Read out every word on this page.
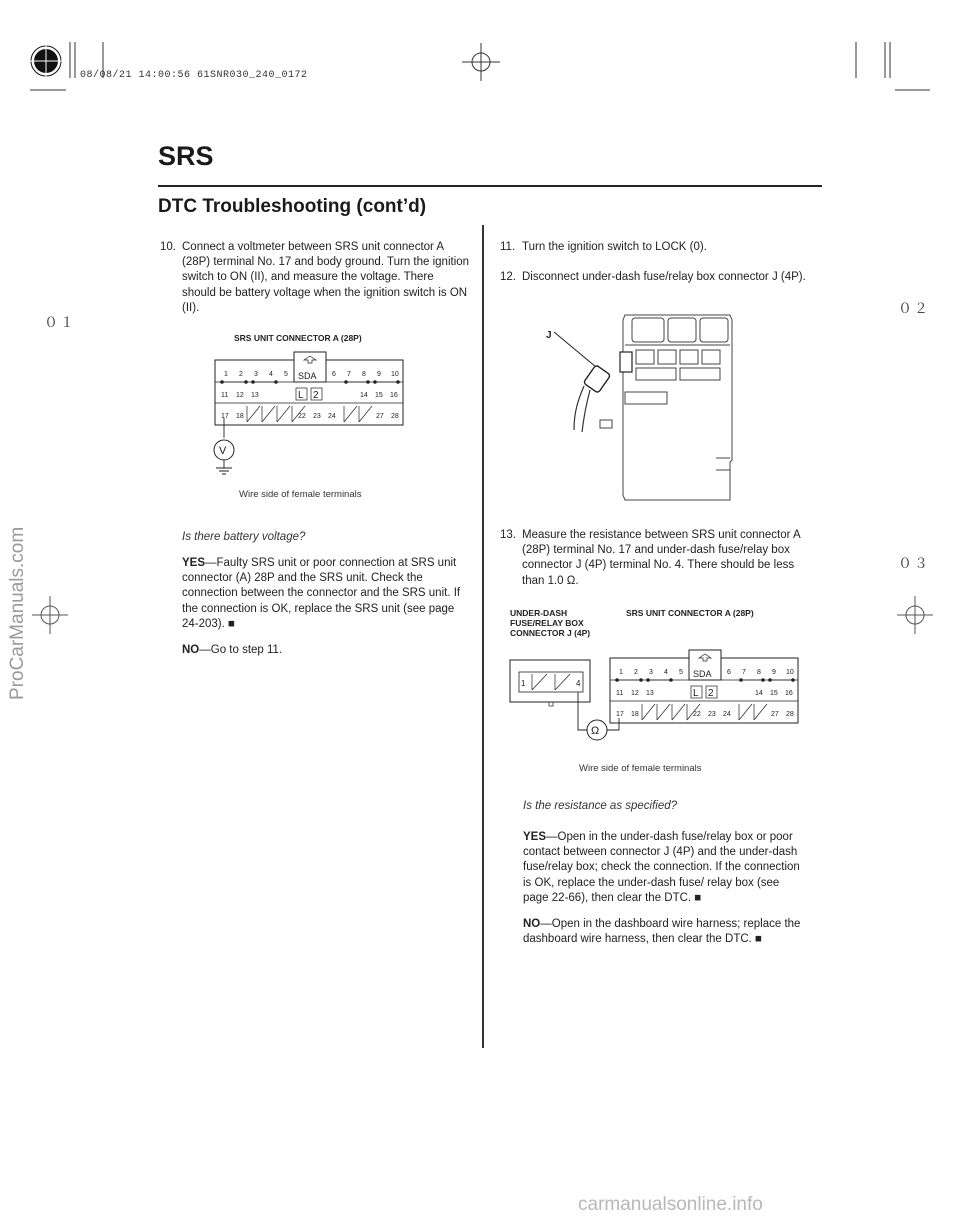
08/08/21 14:00:56 61SNR030_240_0172
０１
０２
０３
SRS
DTC Troubleshooting (cont’d)
10. Connect a voltmeter between SRS unit connector A (28P) terminal No. 17 and body ground. Turn the ignition switch to ON (II), and measure the voltage. There should be battery voltage when the ignition switch is ON (II).
SRS UNIT CONNECTOR A (28P)
SDA
1 2 3 4 5	6 7 8 9 10
11 12 13	L 2	14 15 16
17 18	22 23 24	27 28
V
Wire side of female terminals
Is there battery voltage?
YES―Faulty SRS unit or poor connection at SRS unit connector (A) 28P and the SRS unit. Check the connection between the connector and the SRS unit. If the connection is OK, replace the SRS unit (see page 24-203). ■
NO―Go to step 11.
11. Turn the ignition switch to LOCK (0).
12. Disconnect under-dash fuse/relay box connector J (4P).
J
13. Measure the resistance between SRS unit connector A (28P) terminal No. 17 and under-dash fuse/relay box connector J (4P) terminal No. 4. There should be less than 1.0 Ω.
UNDER-DASH
FUSE/RELAY BOX
CONNECTOR J (4P)
SRS UNIT CONNECTOR A (28P)
1	4
SDA
1 2 3 4 5	6 7 8 9 10
11 12 13	L 2	14 15 16
17 18	22 23 24	27 28
Ω
Wire side of female terminals
Is the resistance as specified?
YES―Open in the under-dash fuse/relay box or poor contact between connector J (4P) and the under-dash fuse/relay box; check the connection. If the connection is OK, replace the under-dash fuse/ relay box (see page 22-66), then clear the DTC. ■
NO―Open in the dashboard wire harness; replace the dashboard wire harness, then clear the DTC. ■
ProCarManuals.com
carmanualsonline.info
